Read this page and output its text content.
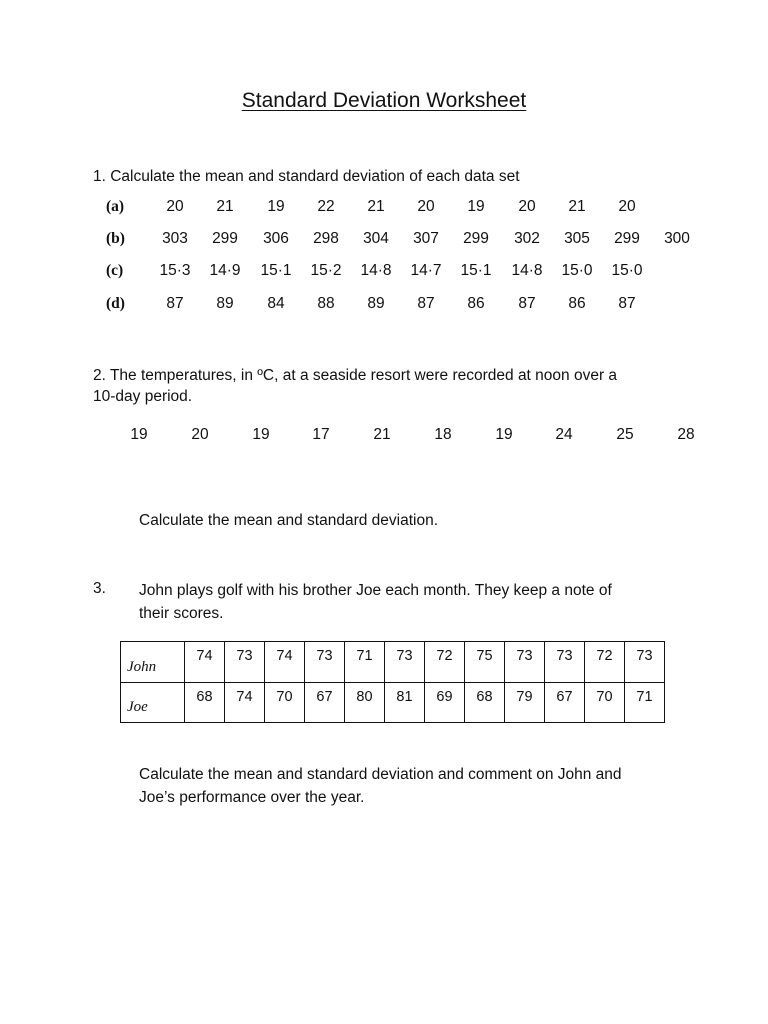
Standard Deviation Worksheet
1. Calculate the mean and standard deviation of each data set
(a)	20	21	19	22	21	20	19	20	21	20
(b)	303	299	306	298	304	307	299	302	305	299	300
(c) 15·3 14·9 15·1 15·2 14·8 14·7 15·1 14·8 15·0 15·0
(d)	87	89	84	88	89	87	86	87	86	87
2. The temperatures, in ºC, at a seaside resort were recorded at noon over a
10-day period.
19	20	19	17	21	18	19	24	25	28
Calculate the mean and standard deviation.
3. John plays golf with his brother Joe each month. They keep a note of
their scores.
John	74	73	74	73	71	73	72	75	73	73	72	73
Joe	68	74	70	67	80	81	69	68	79	67	70	71
Calculate the mean and standard deviation and comment on John and
Joe’s performance over the year.
